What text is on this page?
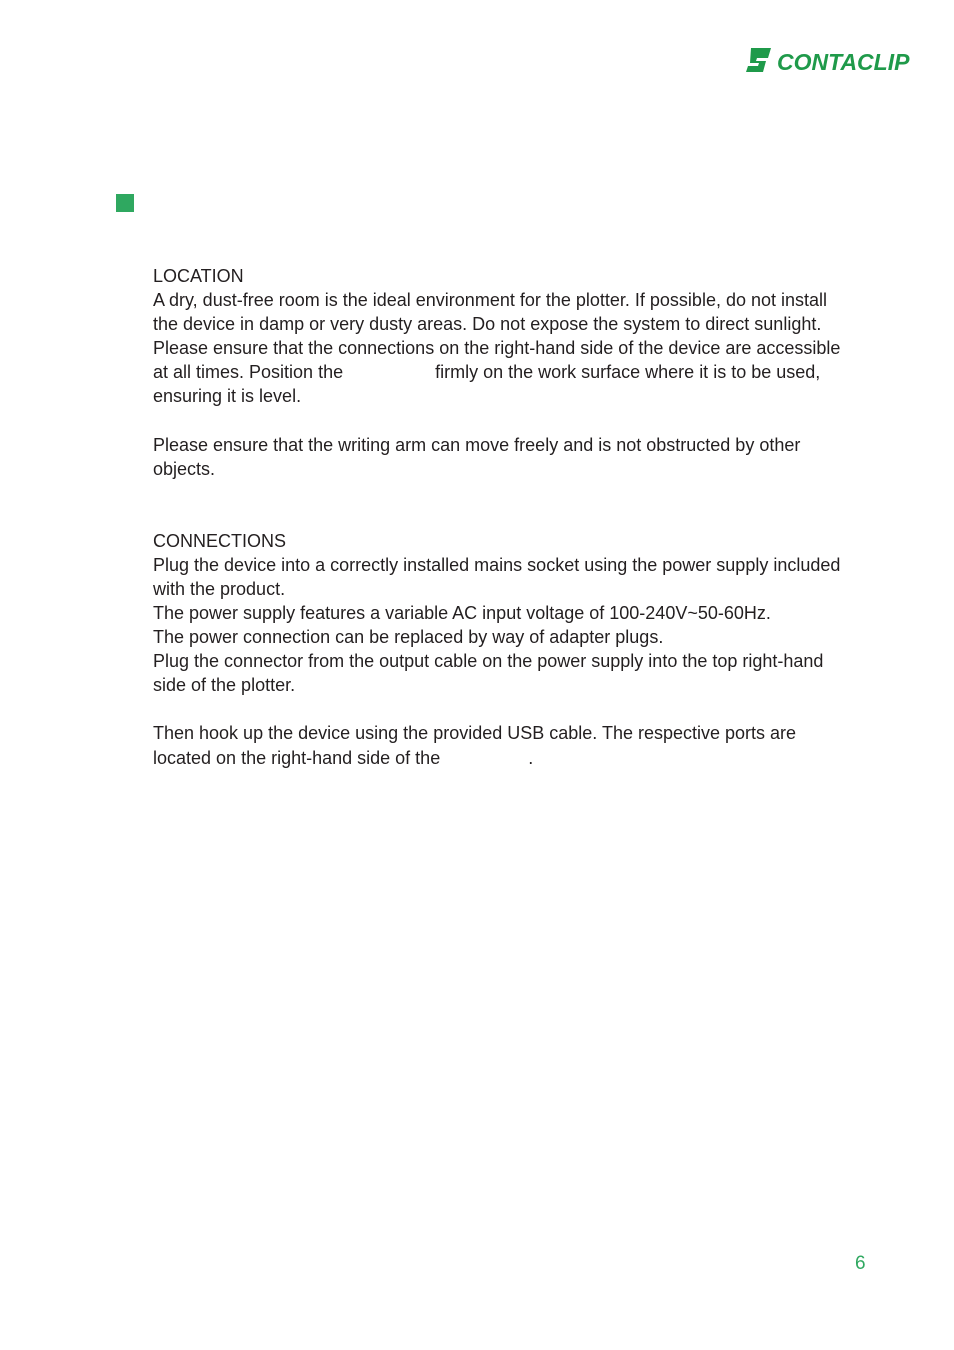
CONTACLIP
LOCATION
A dry, dust-free room is the ideal environment for the plotter. If possible, do not install
the device in damp or very dusty areas. Do not expose the system to direct sunlight.
Please ensure that the connections on the right-hand side of the device are accessible
at all times. Position the	firmly on the work surface where it is to be used,
ensuring it is level.
Please ensure that the writing arm can move freely and is not obstructed by other
objects.
CONNECTIONS
Plug the device into a correctly installed mains socket using the power supply included
with the product.
The power supply features a variable AC input voltage of 100-240V~50-60Hz.
The power connection can be replaced by way of adapter plugs.
Plug the connector from the output cable on the power supply into the top right-hand
side of the plotter.
Then hook up the device using the provided USB cable. The respective ports are
located on the right-hand side of the	.
6
